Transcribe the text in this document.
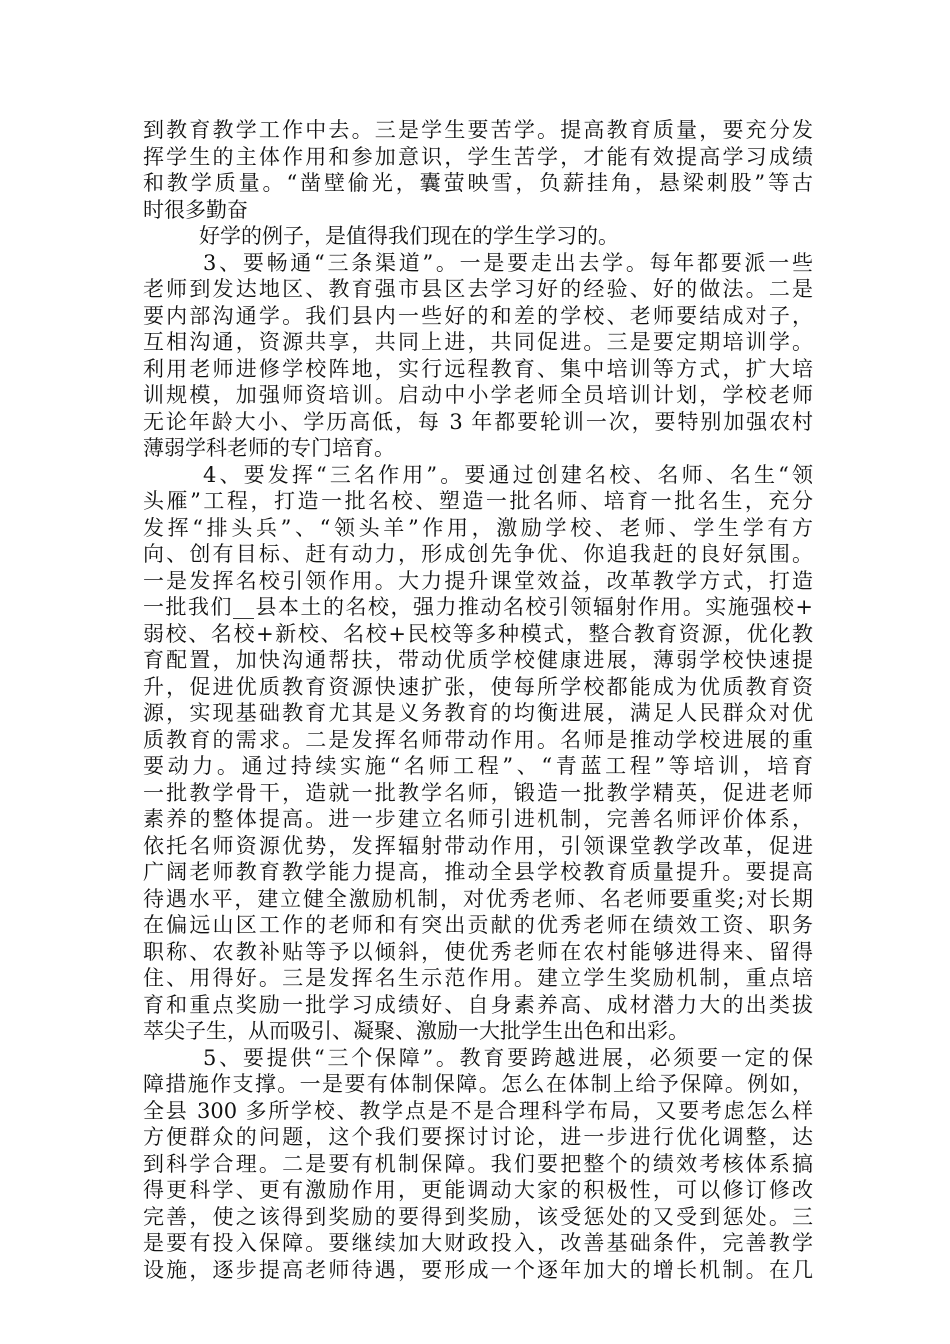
到教育教学工作中去。三是学生要苦学。提高教育质量，要充分发
挥学生的主体作用和参加意识，学生苦学，才能有效提高学习成绩
和教学质量。“凿壁偷光，囊萤映雪，负薪挂角，悬梁刺股”等古
时很多勤奋
好学的例子，是值得我们现在的学生学习的。
3、要畅通“三条渠道”。一是要走出去学。每年都要派一些
老师到发达地区、教育强市县区去学习好的经验、好的做法。二是
要内部沟通学。我们县内一些好的和差的学校、老师要结成对子，
互相沟通，资源共享，共同上进，共同促进。三是要定期培训学。
利用老师进修学校阵地，实行远程教育、集中培训等方式，扩大培
训规模，加强师资培训。启动中小学老师全员培训计划，学校老师
无论年龄大小、学历高低，每 3 年都要轮训一次，要特别加强农村
薄弱学科老师的专门培育。
4、要发挥“三名作用”。要通过创建名校、名师、名生“领
头雁”工程，打造一批名校、塑造一批名师、培育一批名生，充分
发挥“排头兵”、“领头羊”作用，激励学校、老师、学生学有方
向、创有目标、赶有动力，形成创先争优、你追我赶的良好氛围。
一是发挥名校引领作用。大力提升课堂效益，改革教学方式，打造
一批我们__县本土的名校，强力推动名校引领辐射作用。实施强校+
弱校、名校+新校、名校+民校等多种模式，整合教育资源，优化教
育配置，加快沟通帮扶，带动优质学校健康进展，薄弱学校快速提
升，促进优质教育资源快速扩张，使每所学校都能成为优质教育资
源，实现基础教育尤其是义务教育的均衡进展，满足人民群众对优
质教育的需求。二是发挥名师带动作用。名师是推动学校进展的重
要动力。通过持续实施“名师工程”、“青蓝工程”等培训，培育
一批教学骨干，造就一批教学名师，锻造一批教学精英，促进老师
素养的整体提高。进一步建立名师引进机制，完善名师评价体系，
依托名师资源优势，发挥辐射带动作用，引领课堂教学改革，促进
广阔老师教育教学能力提高，推动全县学校教育质量提升。要提高
待遇水平，建立健全激励机制，对优秀老师、名老师要重奖;对长期
在偏远山区工作的老师和有突出贡献的优秀老师在绩效工资、职务
职称、农教补贴等予以倾斜，使优秀老师在农村能够进得来、留得
住、用得好。三是发挥名生示范作用。建立学生奖励机制，重点培
育和重点奖励一批学习成绩好、自身素养高、成材潜力大的出类拔
萃尖子生，从而吸引、凝聚、激励一大批学生出色和出彩。
5、要提供“三个保障”。教育要跨越进展，必须要一定的保
障措施作支撑。一是要有体制保障。怎么在体制上给予保障。例如，
全县 300 多所学校、教学点是不是合理科学布局，又要考虑怎么样
方便群众的问题，这个我们要探讨讨论，进一步进行优化调整，达
到科学合理。二是要有机制保障。我们要把整个的绩效考核体系搞
得更科学、更有激励作用，更能调动大家的积极性，可以修订修改
完善，使之该得到奖励的要得到奖励，该受惩处的又受到惩处。三
是要有投入保障。要继续加大财政投入，改善基础条件，完善教学
设施，逐步提高老师待遇，要形成一个逐年加大的增长机制。在几
